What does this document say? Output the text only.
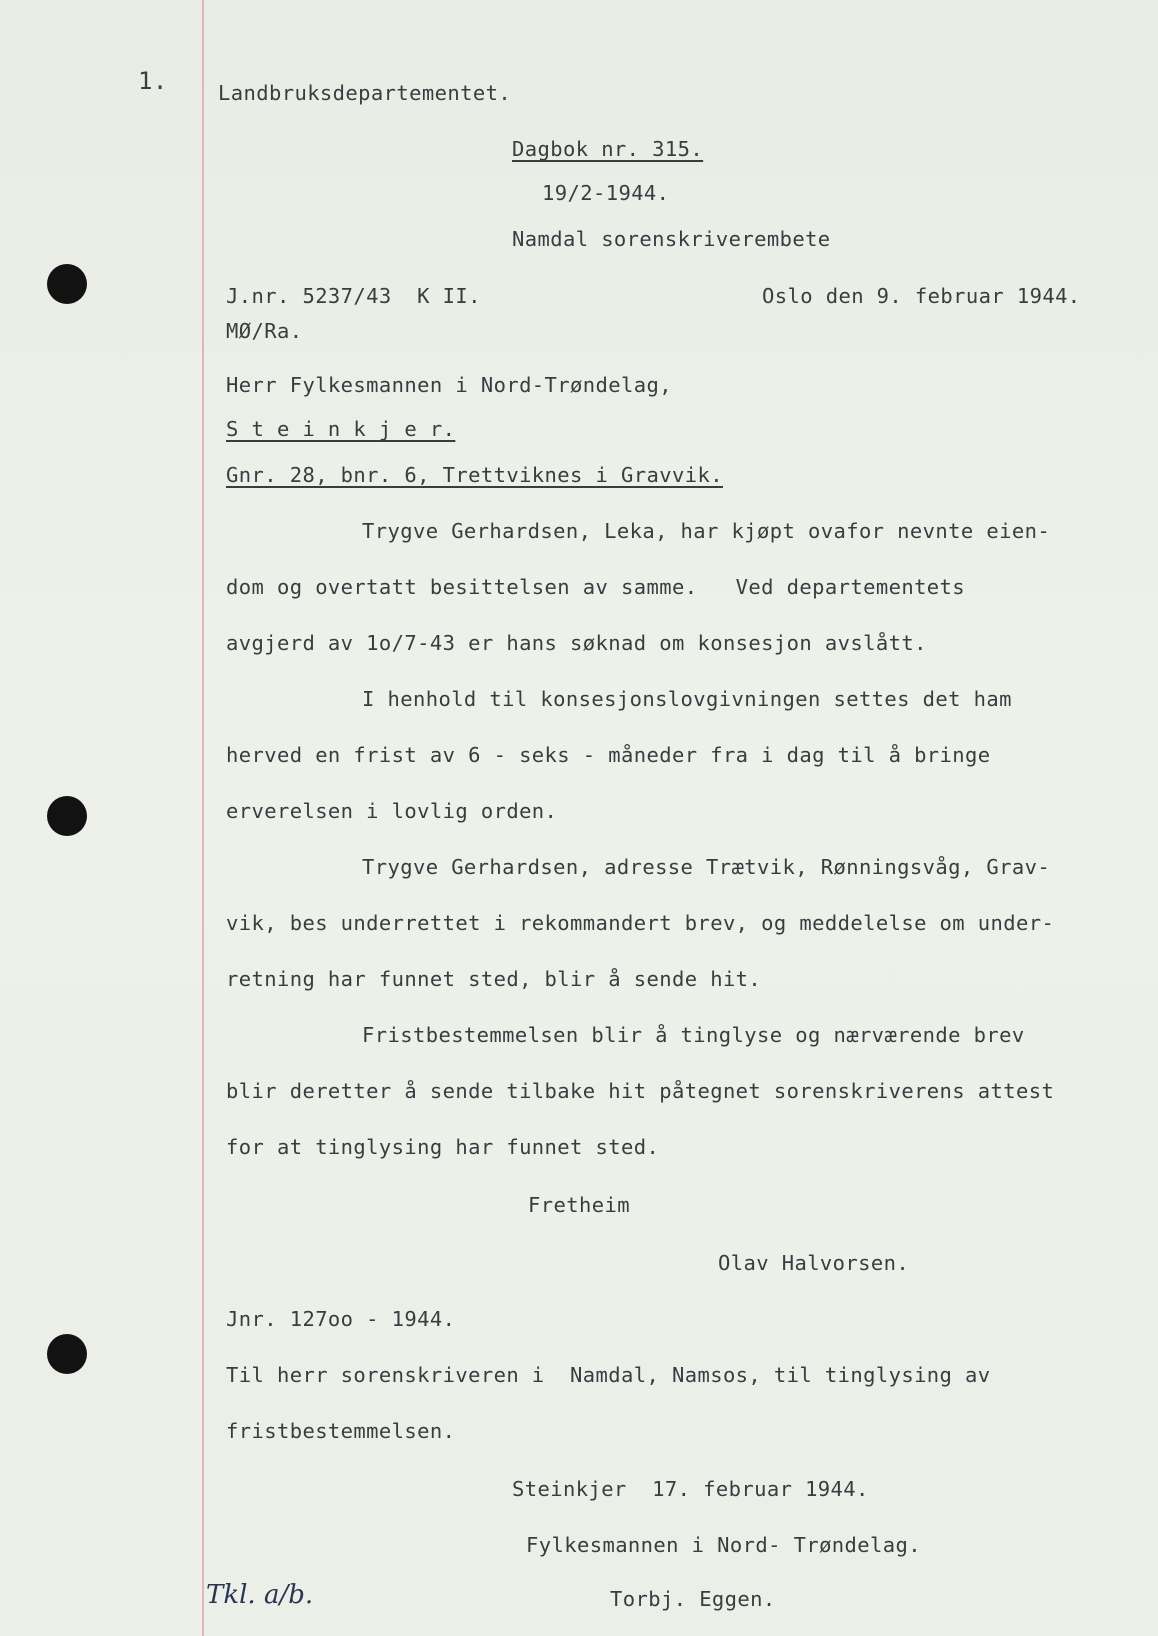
1. Landbruksdepartementet.
Dagbok nr. 315.
19/2-1944.
Namdal sorenskriverembete
J.nr. 5237/43  K II.	Oslo den 9. februar 1944.
MØ/Ra.
Herr Fylkesmannen i Nord-Trøndelag,
S t e i n k j e r.
Gnr. 28, bnr. 6, Trettviknes i Gravvik.
Trygve Gerhardsen, Leka, har kjøpt ovafor nevnte eien-
dom og overtatt besittelsen av samme.   Ved departementets
avgjerd av 1o/7-43 er hans søknad om konsesjon avslått.
I henhold til konsesjonslovgivningen settes det ham
herved en frist av 6 - seks - måneder fra i dag til å bringe
erverelsen i lovlig orden.
Trygve Gerhardsen, adresse Trætvik, Rønningsvåg, Grav-
vik, bes underrettet i rekommandert brev, og meddelelse om under-
retning har funnet sted, blir å sende hit.
Fristbestemmelsen blir å tinglyse og nærværende brev
blir deretter å sende tilbake hit påtegnet sorenskriverens attest
for at tinglysing har funnet sted.
Fretheim
Olav Halvorsen.
Jnr. 127oo - 1944.
Til herr sorenskriveren i  Namdal, Namsos, til tinglysing av
fristbestemmelsen.
Steinkjer  17. februar 1944.
Fylkesmannen i Nord- Trøndelag.
Torbj. Eggen.
Tkl. a/b.
